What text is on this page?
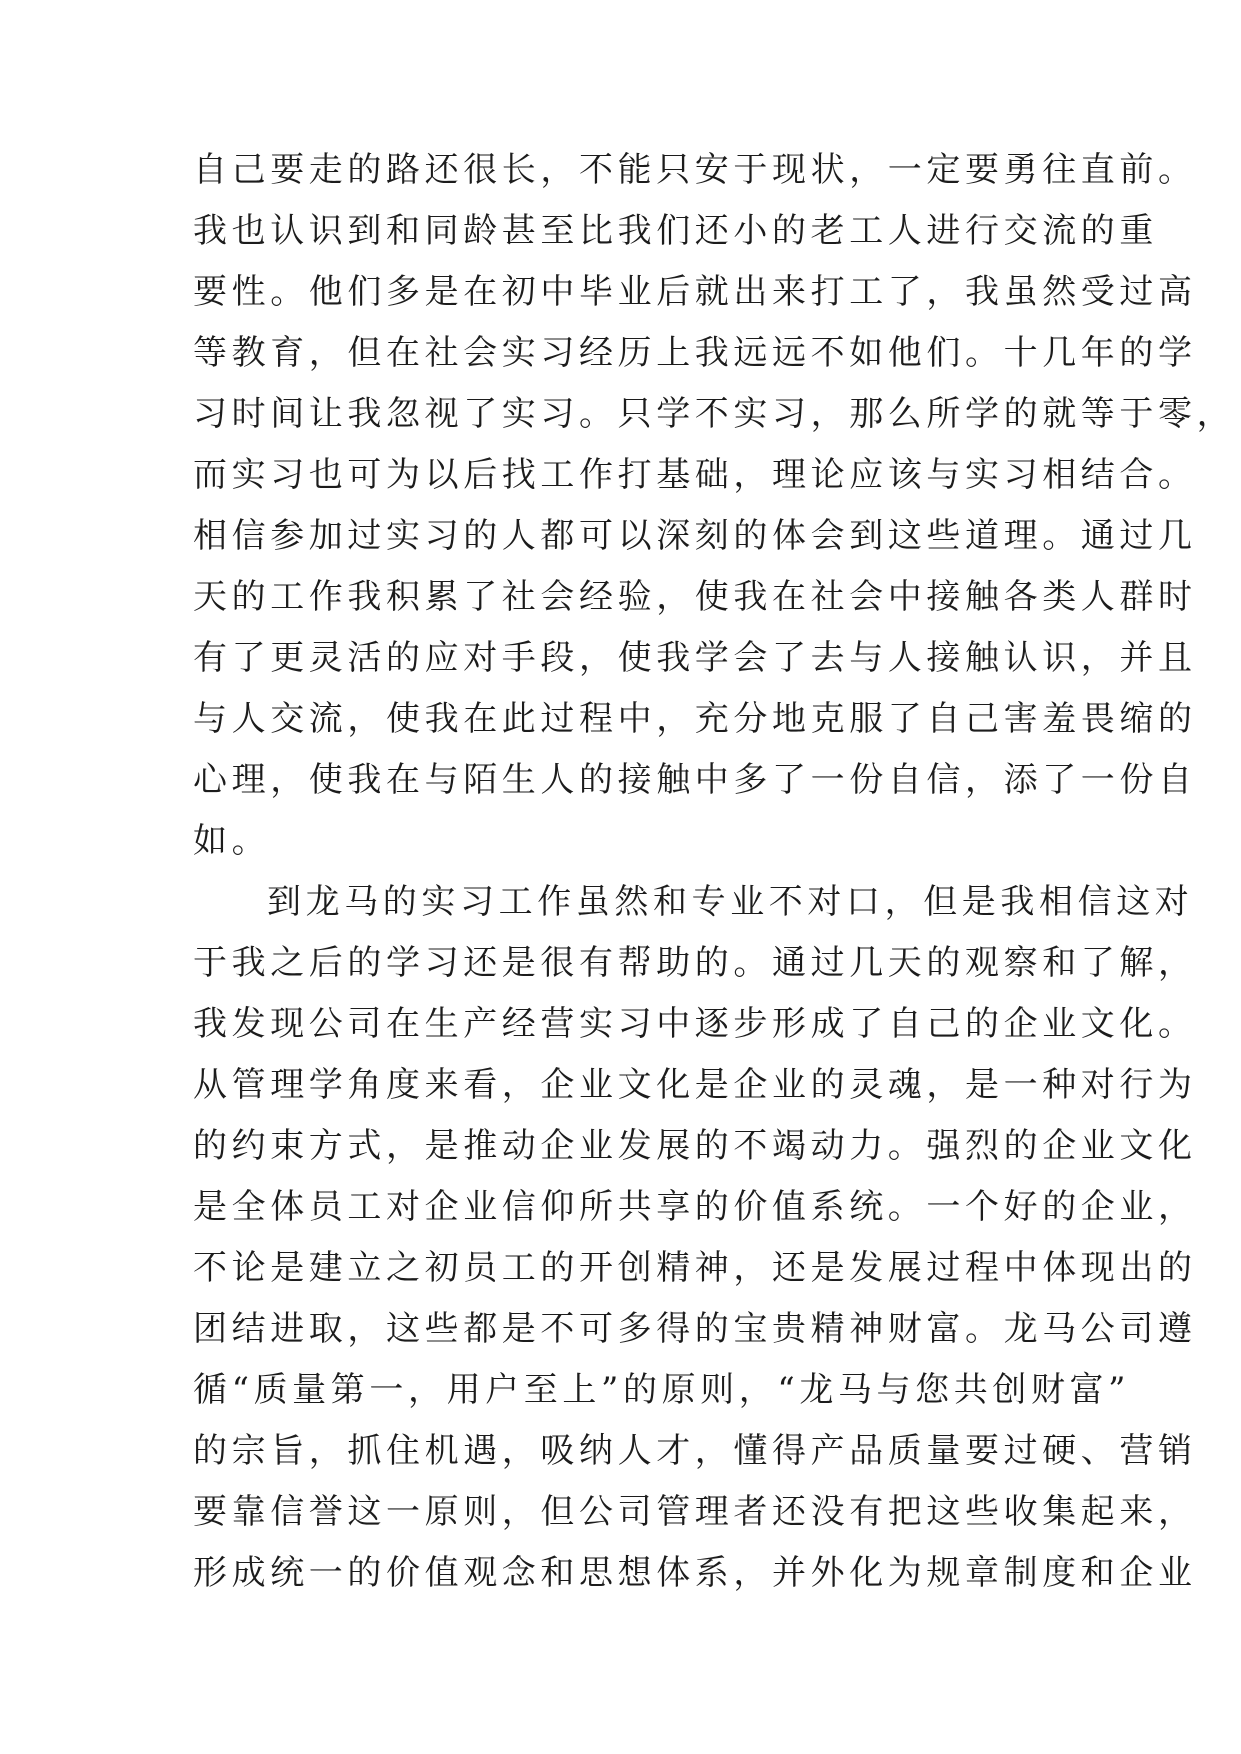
自己要走的路还很长，不能只安于现状，一定要勇往直前。
我也认识到和同龄甚至比我们还小的老工人进行交流的重
要性。他们多是在初中毕业后就出来打工了，我虽然受过高
等教育，但在社会实习经历上我远远不如他们。十几年的学
习时间让我忽视了实习。只学不实习，那么所学的就等于零，
而实习也可为以后找工作打基础，理论应该与实习相结合。
相信参加过实习的人都可以深刻的体会到这些道理。通过几
天的工作我积累了社会经验，使我在社会中接触各类人群时
有了更灵活的应对手段，使我学会了去与人接触认识，并且
与人交流，使我在此过程中，充分地克服了自己害羞畏缩的
心理，使我在与陌生人的接触中多了一份自信，添了一份自
如。
到龙马的实习工作虽然和专业不对口，但是我相信这对
于我之后的学习还是很有帮助的。通过几天的观察和了解，
我发现公司在生产经营实习中逐步形成了自己的企业文化。
从管理学角度来看，企业文化是企业的灵魂，是一种对行为
的约束方式，是推动企业发展的不竭动力。强烈的企业文化
是全体员工对企业信仰所共享的价值系统。一个好的企业，
不论是建立之初员工的开创精神，还是发展过程中体现出的
团结进取，这些都是不可多得的宝贵精神财富。龙马公司遵
循“质量第一，用户至上”的原则，“龙马与您共创财富”
的宗旨，抓住机遇，吸纳人才，懂得产品质量要过硬、营销
要靠信誉这一原则，但公司管理者还没有把这些收集起来，
形成统一的价值观念和思想体系，并外化为规章制度和企业
